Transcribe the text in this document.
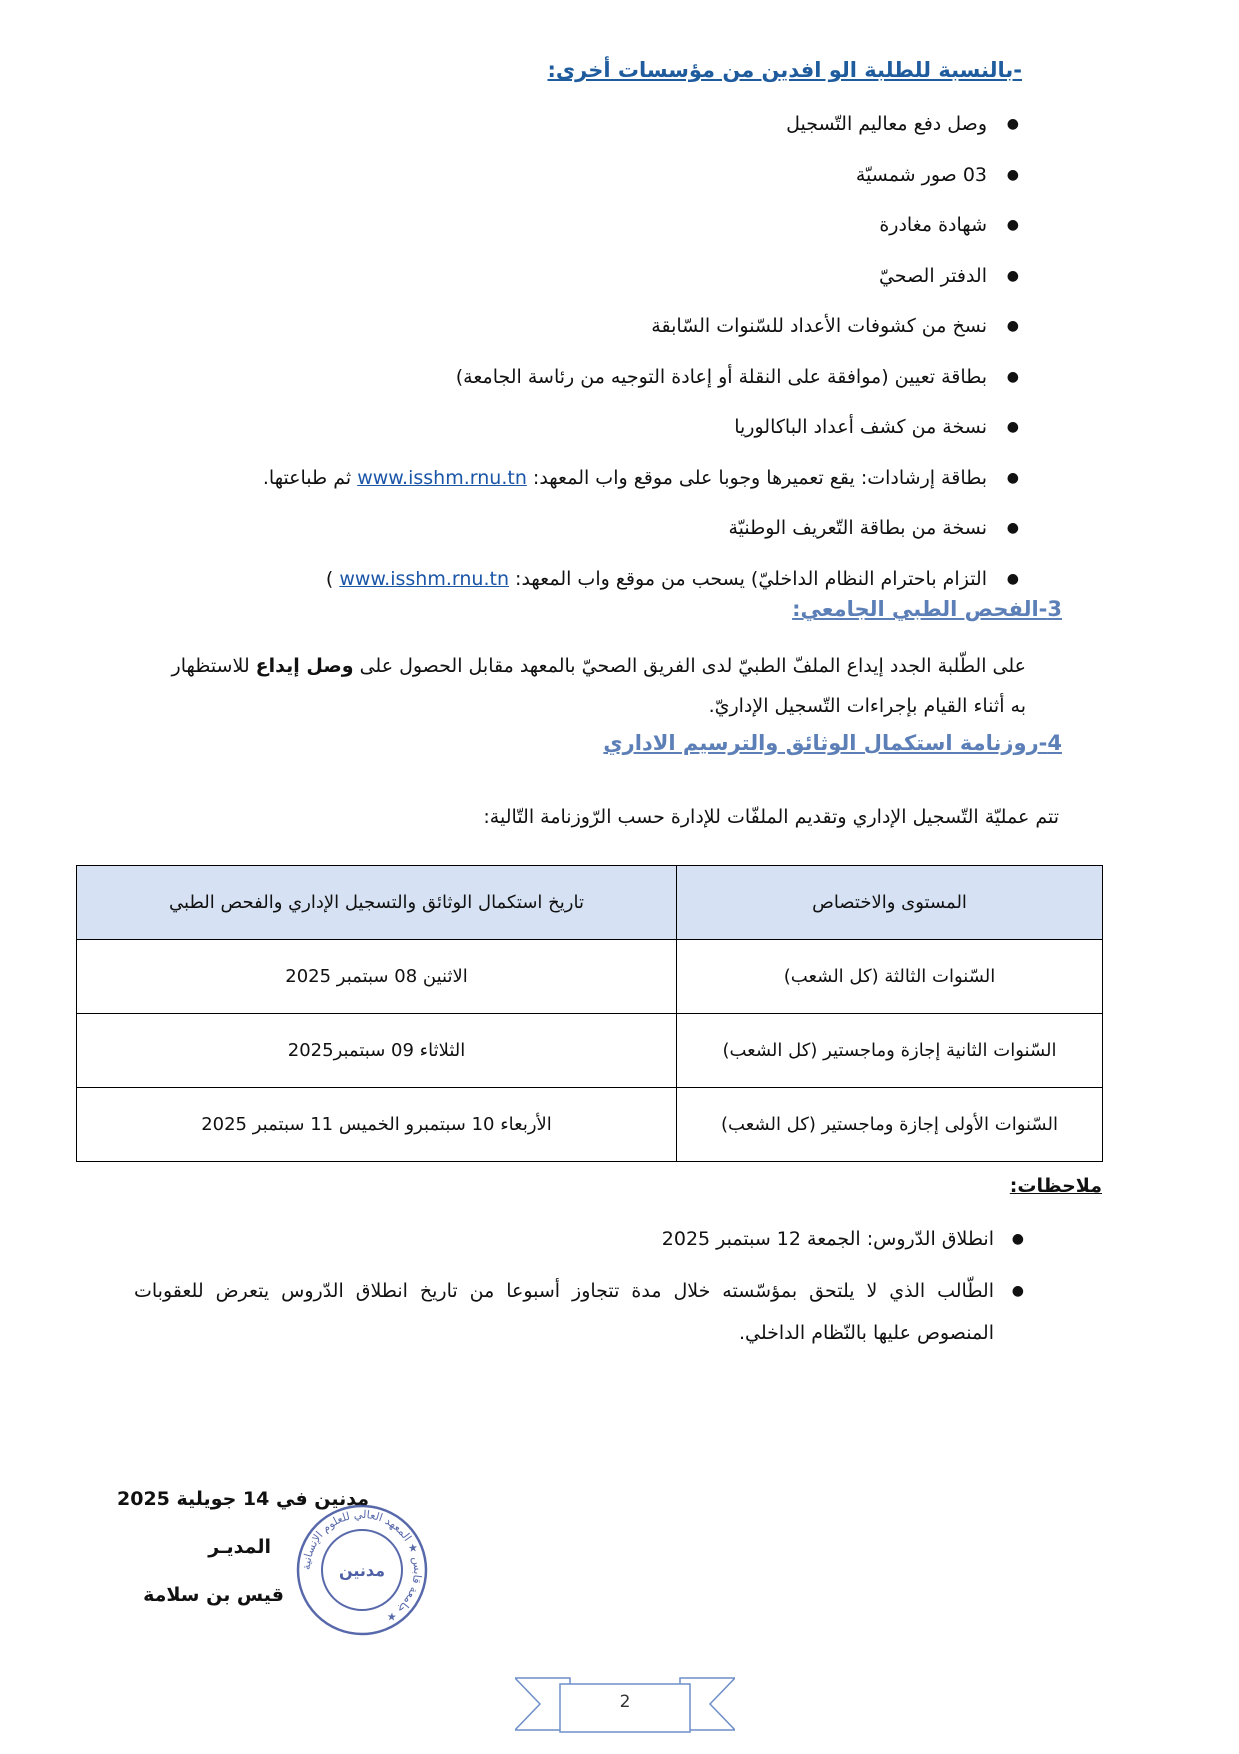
-بالنسبة للطلبة الو افدين من مؤسسات أخرى:
● وصل دفع معاليم التّسجيل
● 03 صور شمسيّة
● شهادة مغادرة
● الدفتر الصحيّ
● نسخ من كشوفات الأعداد للسّنوات السّابقة
● بطاقة تعيين (موافقة على النقلة أو إعادة التوجيه من رئاسة الجامعة)
● نسخة من كشف أعداد الباكالوريا
● بطاقة إرشادات: يقع تعميرها وجوبا على موقع واب المعهد: www.isshm.rnu.tn ثم طباعتها.
● نسخة من بطاقة التّعريف الوطنيّة
● التزام باحترام النظام الداخليّ) يسحب من موقع واب المعهد: www.isshm.rnu.tn )
3-الفحص الطبي الجامعي:
على الطّلبة الجدد إيداع الملفّ الطبيّ لدى الفريق الصحيّ بالمعهد مقابل الحصول على وصل إيداع للاستظهار به أثناء القيام بإجراءات التّسجيل الإداريّ.
4-روزنامة استكمال الوثائق والترسيم الاداري
تتم عمليّة التّسجيل الإداري وتقديم الملفّات للإدارة حسب الرّوزنامة التّالية:
المستوى والاختصاص	تاريخ استكمال الوثائق والتسجيل الإداري والفحص الطبي
السّنوات الثالثة (كل الشعب)	الاثنين 08 سبتمبر 2025
السّنوات الثانية إجازة وماجستير (كل الشعب)	الثلاثاء 09 سبتمبر2025
السّنوات الأولى إجازة وماجستير (كل الشعب)	الأربعاء 10 سبتمبرو الخميس 11 سبتمبر 2025
ملاحظات:
● انطلاق الدّروس: الجمعة 12 سبتمبر 2025
● الطّالب الذي لا يلتحق بمؤسّسته خلال مدة تتجاوز أسبوعا من تاريخ انطلاق الدّروس يتعرض للعقوبات المنصوص عليها بالنّظام الداخلي.
مدنين في 14 جويلية 2025
المديـر
قيس بن سلامة
جامعة قابس ★ المعهد العالي للعلوم الإنسانية ★
مدنين
2
